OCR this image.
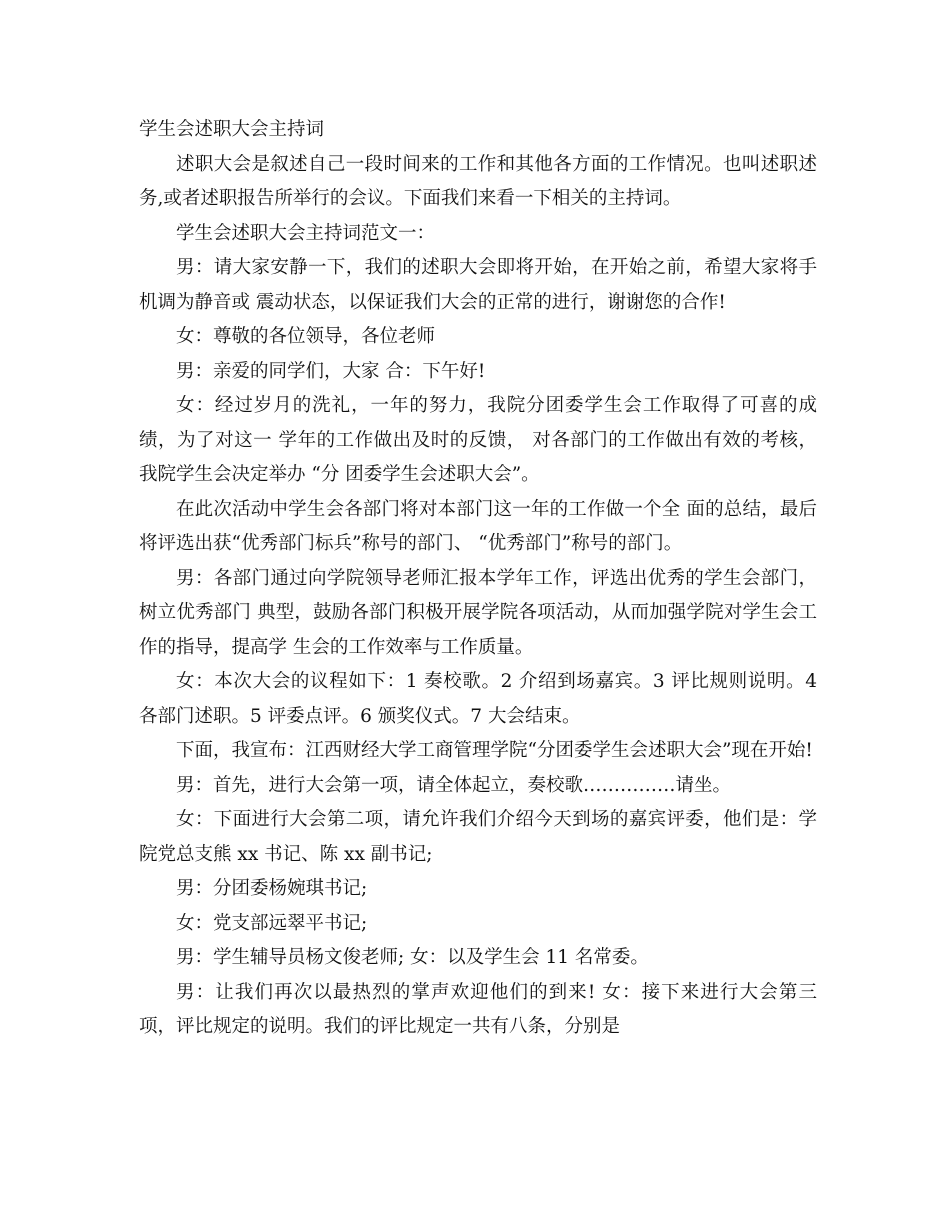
学生会述职大会主持词

述职大会是叙述自己一段时间来的工作和其他各方面的工作情况。也叫述职述务,或者述职报告所举行的会议。下面我们来看一下相关的主持词。

学生会述职大会主持词范文一：

男：请大家安静一下，我们的述职大会即将开始，在开始之前，希望大家将手机调为静音或 震动状态，以保证我们大会的正常的进行，谢谢您的合作!

女：尊敬的各位领导，各位老师

男：亲爱的同学们，大家 合：下午好!

女：经过岁月的洗礼，一年的努力，我院分团委学生会工作取得了可喜的成绩，为了对这一 学年的工作做出及时的反馈， 对各部门的工作做出有效的考核， 我院学生会决定举办 “分 团委学生会述职大会”。

在此次活动中学生会各部门将对本部门这一年的工作做一个全 面的总结，最后将评选出获“优秀部门标兵”称号的部门、 “优秀部门”称号的部门。

男：各部门通过向学院领导老师汇报本学年工作，评选出优秀的学生会部门，树立优秀部门 典型，鼓励各部门积极开展学院各项活动，从而加强学院对学生会工作的指导，提高学 生会的工作效率与工作质量。

女：本次大会的议程如下：1 奏校歌。2 介绍到场嘉宾。3 评比规则说明。4 各部门述职。5 评委点评。6 颁奖仪式。7 大会结束。

下面，我宣布：江西财经大学工商管理学院“分团委学生会述职大会”现在开始!

男：首先，进行大会第一项，请全体起立，奏校歌……………请坐。

女：下面进行大会第二项，请允许我们介绍今天到场的嘉宾评委，他们是：学院党总支熊 xx 书记、陈 xx 副书记;

男：分团委杨婉琪书记;

女：党支部远翠平书记;

男：学生辅导员杨文俊老师; 女：以及学生会 11 名常委。

男：让我们再次以最热烈的掌声欢迎他们的到来! 女：接下来进行大会第三项，评比规定的说明。我们的评比规定一共有八条，分别是
